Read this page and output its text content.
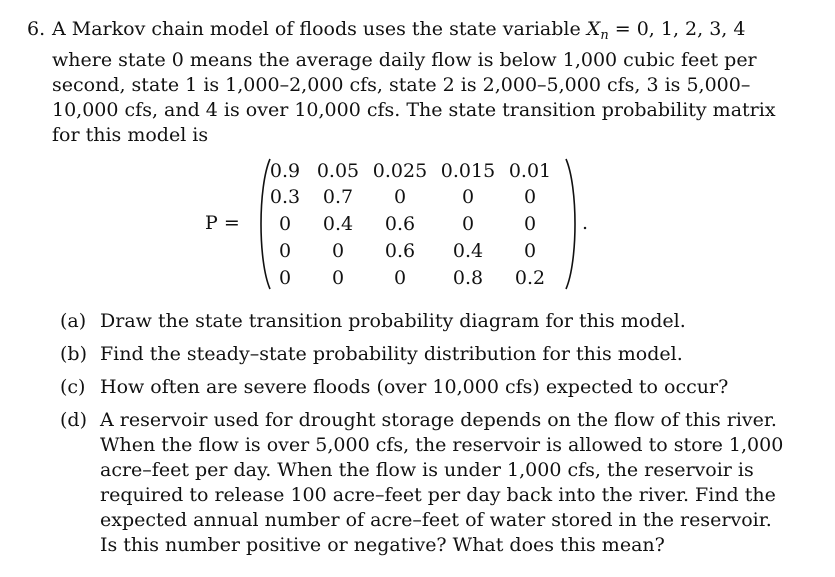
6. A Markov chain model of floods uses the state variable $X_n = 0$, 1, 2, 3, 4
where state 0 means the average daily flow is below 1,000 cubic feet per
second, state 1 is 1,000–2,000 cfs, state 2 is 2,000–5,000 cfs, 3 is 5,000–
10,000 cfs, and 4 is over 10,000 cfs. The state transition probability matrix
for this model is
P =
0.9 0.05 0.025 0.015 0.01
0.3	0.7	0	0	0
0	0.4	0.6	0	0
0	0	0.6	0.4	0
0	0	0	0.8	0.2
.
(a) Draw the state transition probability diagram for this model.
(b) Find the steady–state probability distribution for this model.
(c) How often are severe floods (over 10,000 cfs) expected to occur?
(d) A reservoir used for drought storage depends on the flow of this river.
When the flow is over 5,000 cfs, the reservoir is allowed to store 1,000
acre–feet per day. When the flow is under 1,000 cfs, the reservoir is
required to release 100 acre–feet per day back into the river. Find the
expected annual number of acre–feet of water stored in the reservoir.
Is this number positive or negative? What does this mean?
